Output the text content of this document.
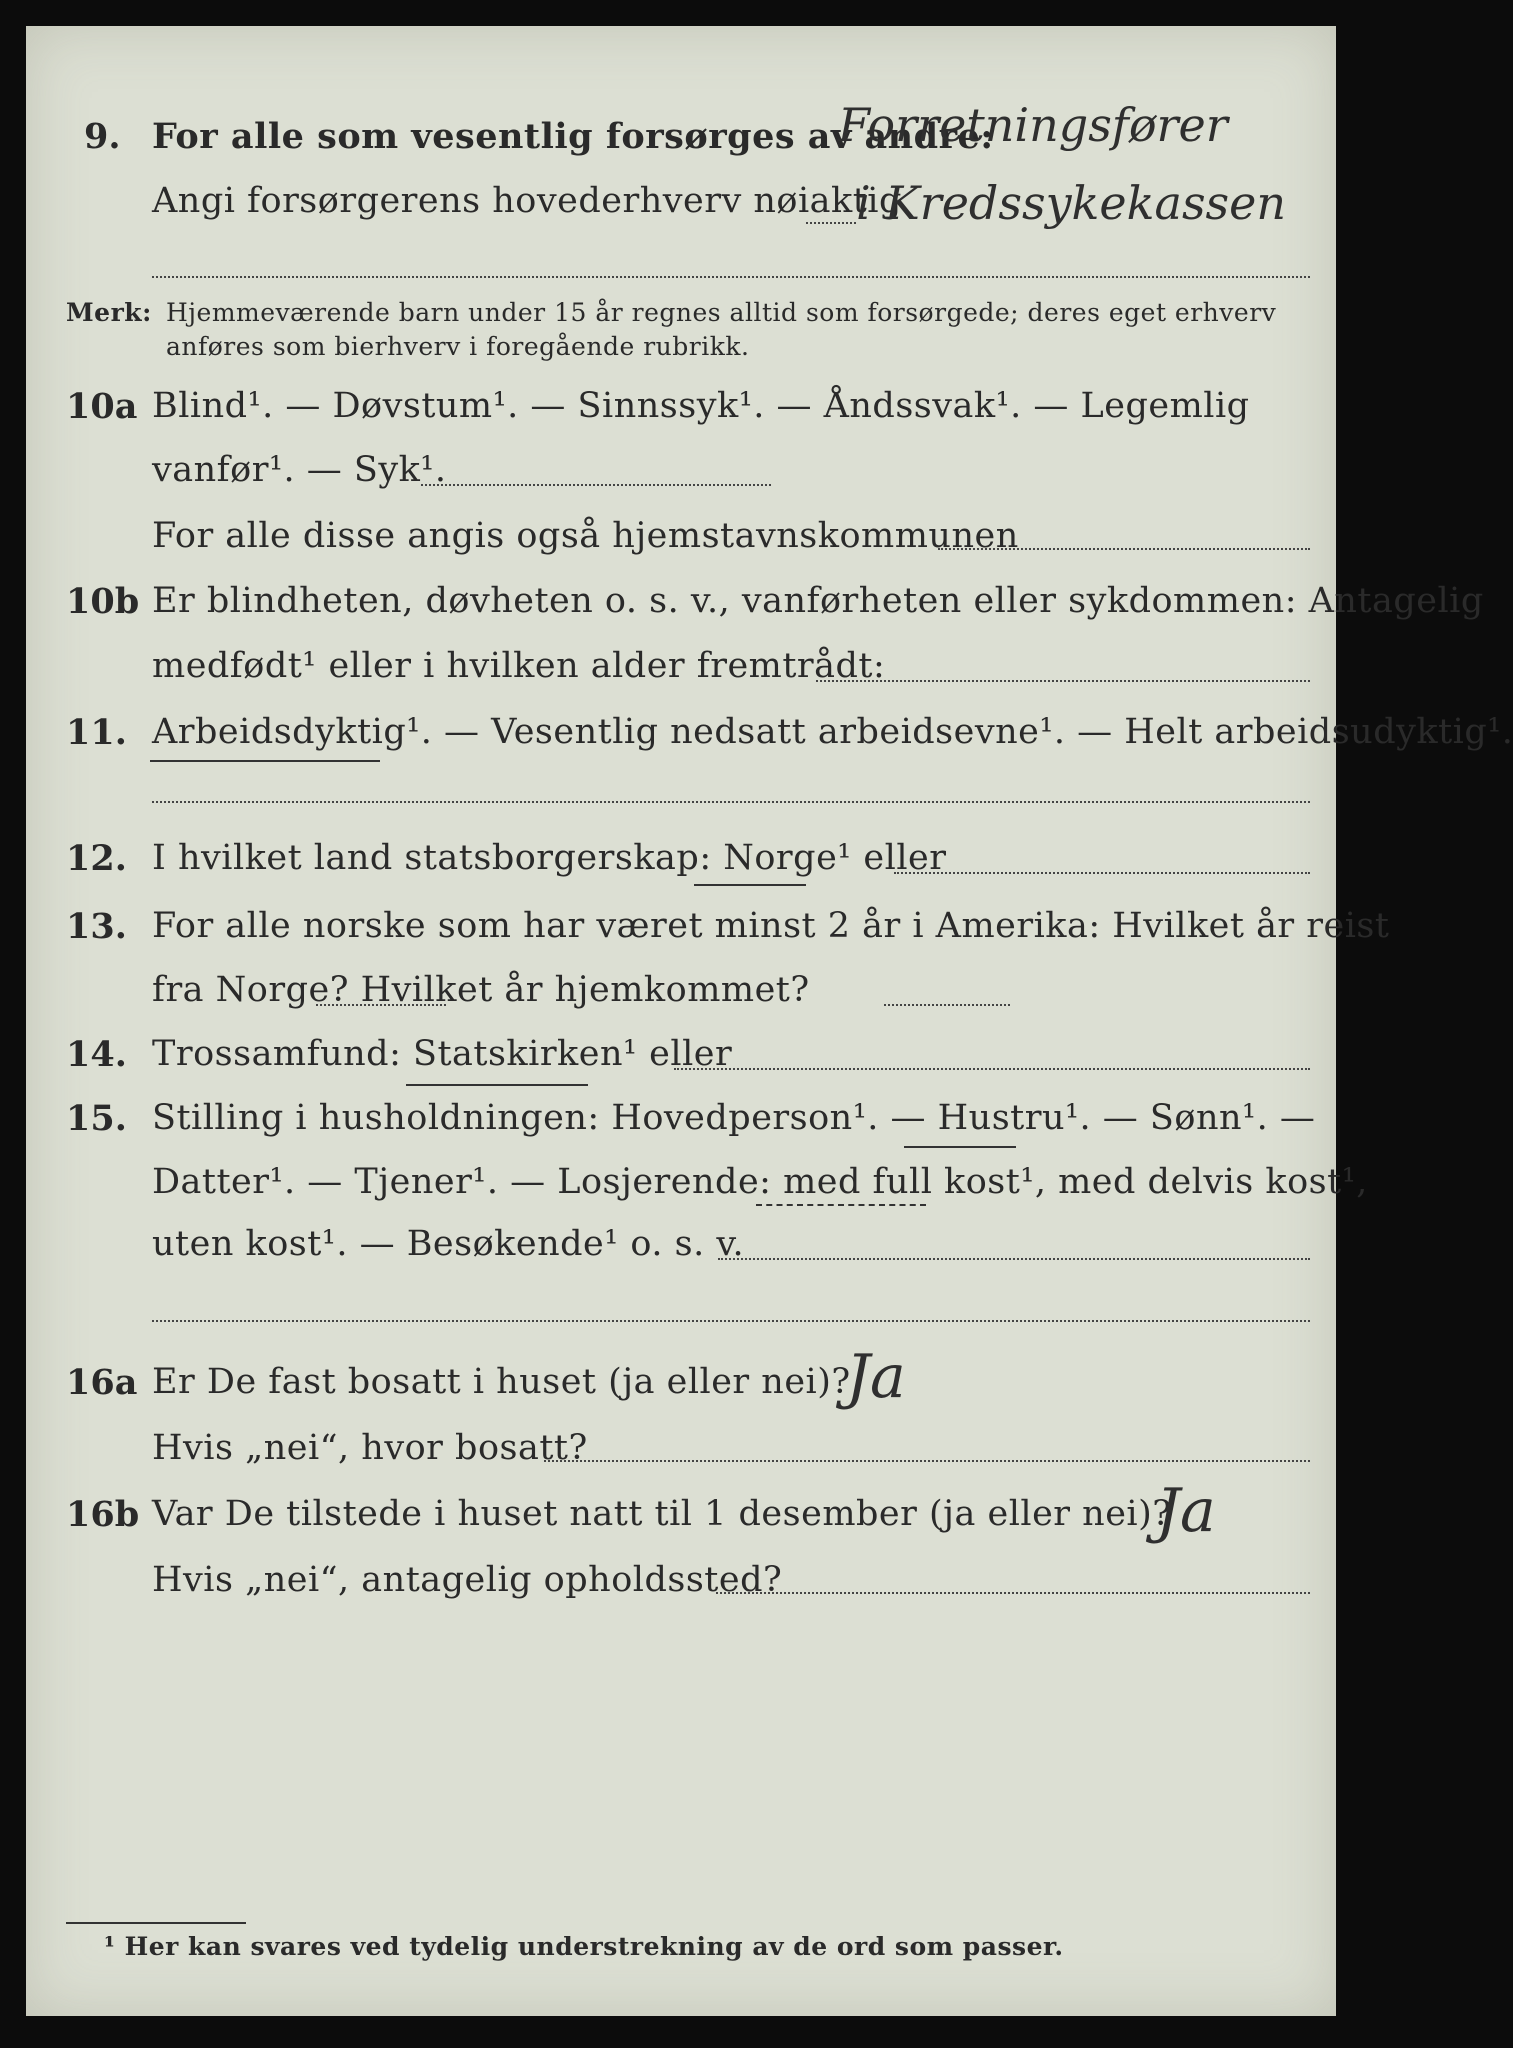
9. For alle som vesentlig forsørges av andre:
Forretningsfører
Angi forsørgerens hovederhverv nøiaktig
i Kredssykekassen
Merk: Hjemmeværende barn under 15 år regnes alltid som forsørgede; deres eget erhverv
anføres som bierhverv i foregående rubrikk.
10a Blind¹. — Døvstum¹. — Sinnssyk¹. — Åndssvak¹. — Legemlig
vanfør¹. — Syk¹.
For alle disse angis også hjemstavnskommunen
10b Er blindheten, døvheten o. s. v., vanførheten eller sykdommen: Antagelig
medfødt¹ eller i hvilken alder fremtrådt:
11. Arbeidsdyktig¹. — Vesentlig nedsatt arbeidsevne¹. — Helt arbeidsudyktig¹.
12. I hvilket land statsborgerskap: Norge¹ eller
13. For alle norske som har været minst 2 år i Amerika: Hvilket år reist
fra Norge? Hvilket år hjemkommet?
14. Trossamfund: Statskirken¹ eller
15. Stilling i husholdningen: Hovedperson¹. — Hustru¹. — Sønn¹. —
Datter¹. — Tjener¹. — Losjerende: med full kost¹, med delvis kost¹,
uten kost¹. — Besøkende¹ o. s. v.
16a Er De fast bosatt i huset (ja eller nei)?
Ja
Hvis „nei“, hvor bosatt?
16b Var De tilstede i huset natt til 1 desember (ja eller nei)?
Ja
Hvis „nei“, antagelig opholdssted?
¹ Her kan svares ved tydelig understrekning av de ord som passer.
